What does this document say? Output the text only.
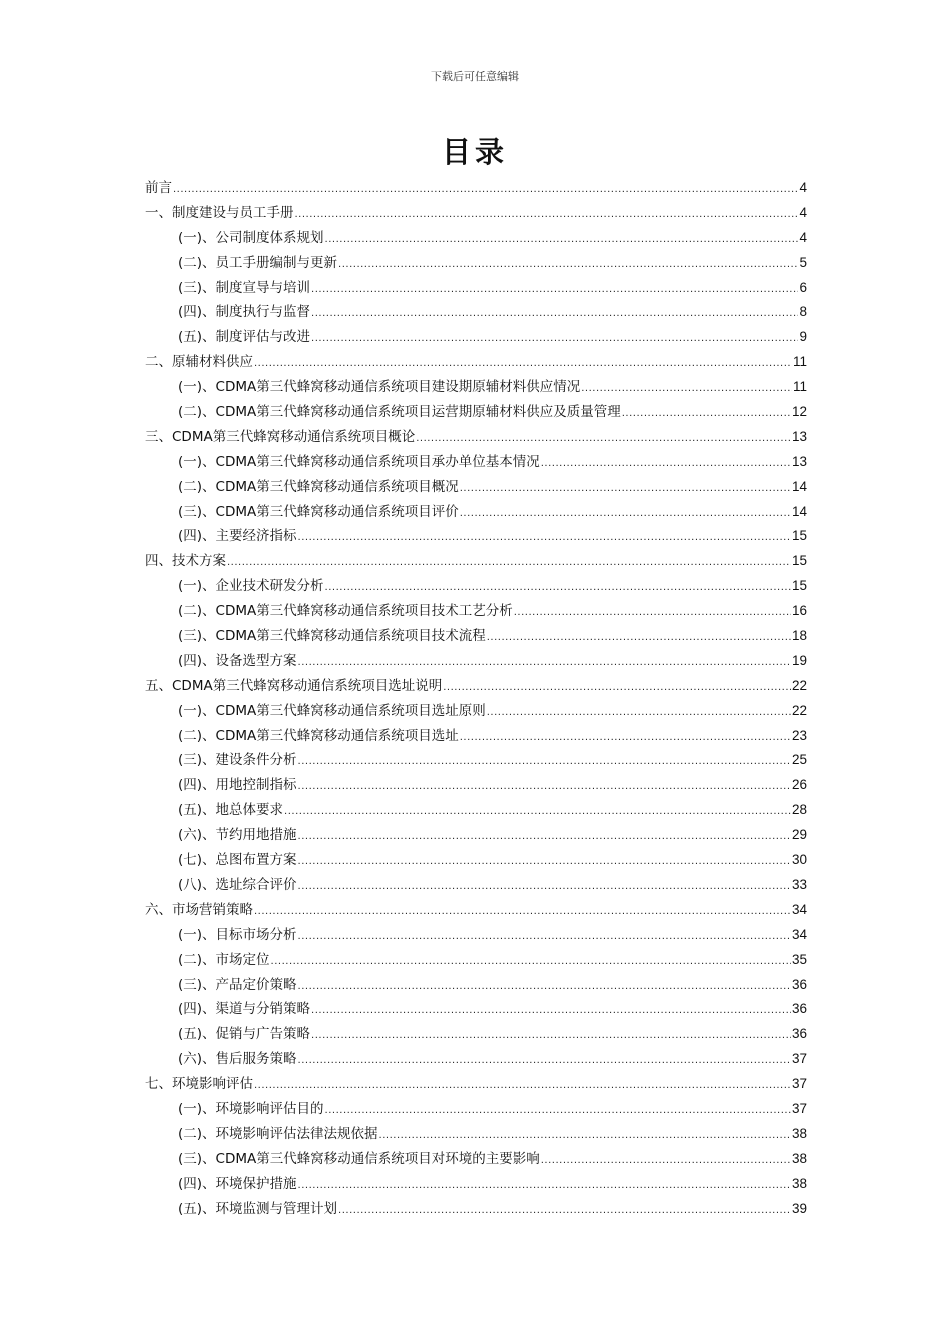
下载后可任意编辑
目录
前言 .....	4
一、制度建设与员工手册 .....	4
(一)、公司制度体系规划 .....	4
(二)、员工手册编制与更新 .....	5
(三)、制度宣导与培训 .....	6
(四)、制度执行与监督 .....	8
(五)、制度评估与改进 .....	9
二、原辅材料供应 .....	11
(一)、CDMA第三代蜂窝移动通信系统项目建设期原辅材料供应情况 .....	11
(二)、CDMA第三代蜂窝移动通信系统项目运营期原辅材料供应及质量管理 .....	12
三、CDMA第三代蜂窝移动通信系统项目概论 .....	13
(一)、CDMA第三代蜂窝移动通信系统项目承办单位基本情况 .....	13
(二)、CDMA第三代蜂窝移动通信系统项目概况 .....	14
(三)、CDMA第三代蜂窝移动通信系统项目评价 .....	14
(四)、主要经济指标 .....	15
四、技术方案 .....	15
(一)、企业技术研发分析 .....	15
(二)、CDMA第三代蜂窝移动通信系统项目技术工艺分析 .....	16
(三)、CDMA第三代蜂窝移动通信系统项目技术流程 .....	18
(四)、设备选型方案 .....	19
五、CDMA第三代蜂窝移动通信系统项目选址说明 .....	22
(一)、CDMA第三代蜂窝移动通信系统项目选址原则 .....	22
(二)、CDMA第三代蜂窝移动通信系统项目选址 .....	23
(三)、建设条件分析 .....	25
(四)、用地控制指标 .....	26
(五)、地总体要求 .....	28
(六)、节约用地措施 .....	29
(七)、总图布置方案 .....	30
(八)、选址综合评价 .....	33
六、市场营销策略 .....	34
(一)、目标市场分析 .....	34
(二)、市场定位 .....	35
(三)、产品定价策略 .....	36
(四)、渠道与分销策略 .....	36
(五)、促销与广告策略 .....	36
(六)、售后服务策略 .....	37
七、环境影响评估 .....	37
(一)、环境影响评估目的 .....	37
(二)、环境影响评估法律法规依据 .....	38
(三)、CDMA第三代蜂窝移动通信系统项目对环境的主要影响 .....	38
(四)、环境保护措施 .....	38
(五)、环境监测与管理计划 .....	39
